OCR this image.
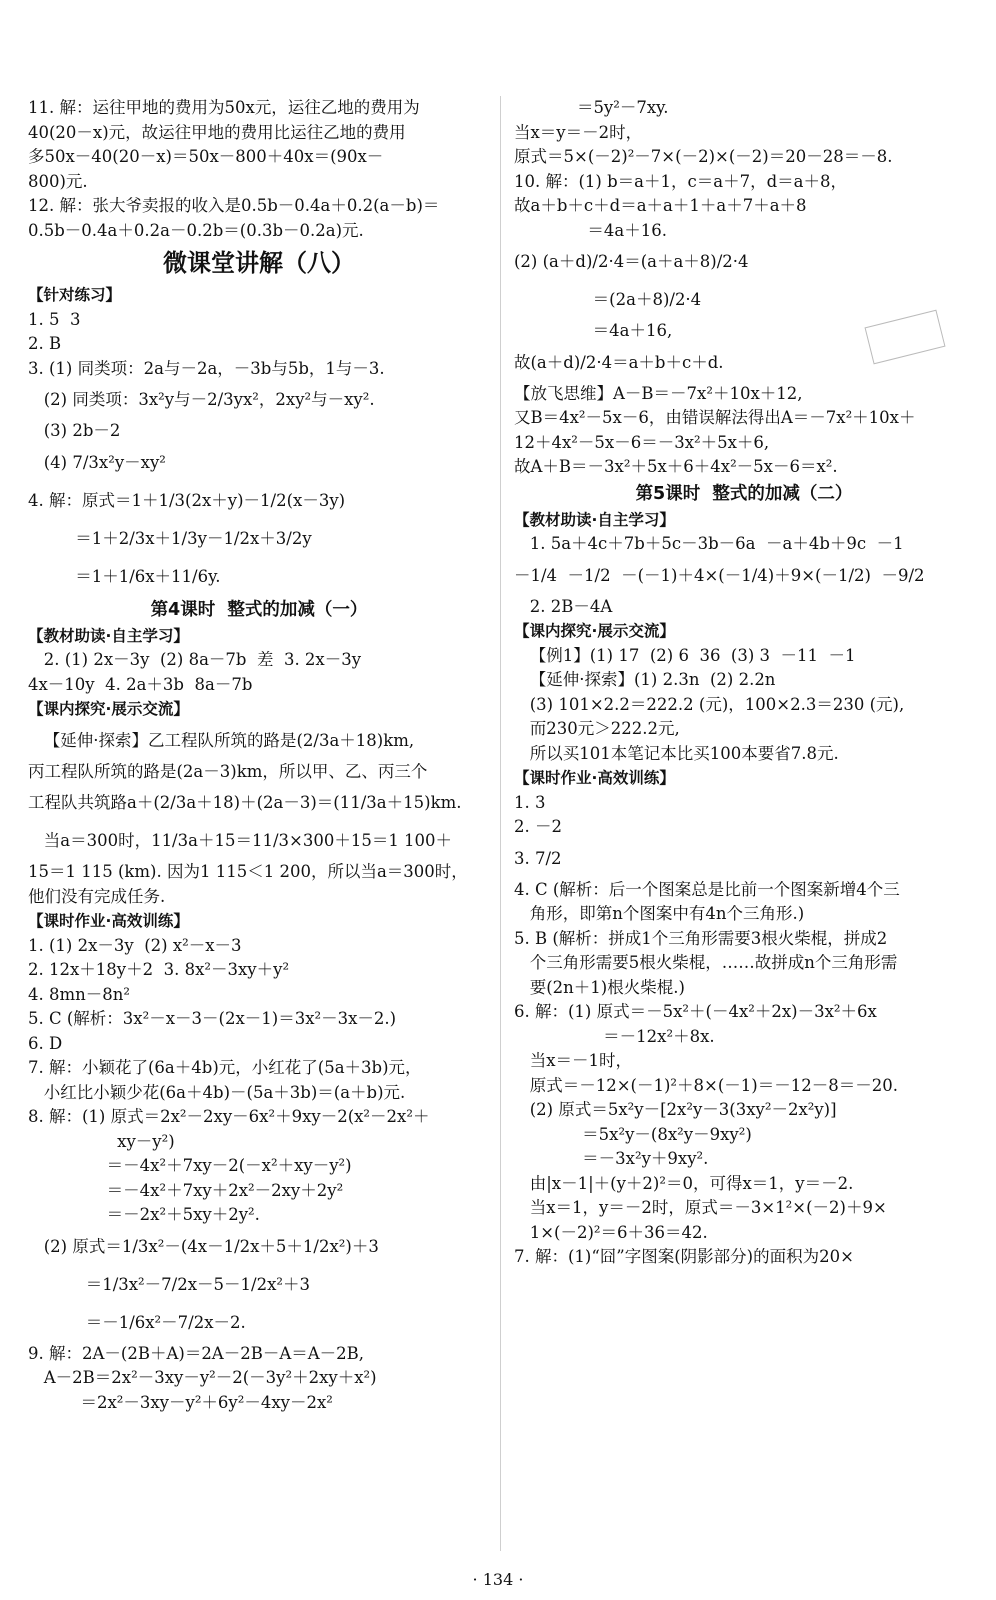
11. 解：运往甲地的费用为50x元，运往乙地的费用为
40(20－x)元，故运往甲地的费用比运往乙地的费用
多50x－40(20－x)＝50x－800＋40x＝(90x－
800)元.
12. 解：张大爷卖报的收入是0.5b－0.4a＋0.2(a－b)＝
0.5b－0.4a＋0.2a－0.2b＝(0.3b－0.2a)元.
微课堂讲解（八）
【针对练习】
1. 5  3
2. B
3. (1) 同类项：2a与－2a，－3b与5b，1与－3.
(2) 同类项：3x²y与－2/3yx²，2xy²与－xy².
(3) 2b－2
(4) 7/3x²y－xy²
4. 解：原式＝1＋1/3(2x＋y)－1/2(x－3y)
＝1＋2/3x＋1/3y－1/2x＋3/2y
＝1＋1/6x＋11/6y.
第4课时  整式的加减（一）
【教材助读·自主学习】
2. (1) 2x－3y  (2) 8a－7b  差  3. 2x－3y
4x－10y  4. 2a＋3b  8a－7b
【课内探究·展示交流】
【延伸·探索】乙工程队所筑的路是(2/3a＋18)km,
丙工程队所筑的路是(2a－3)km，所以甲、乙、丙三个
工程队共筑路a＋(2/3a＋18)＋(2a－3)＝(11/3a＋15)km.
当a＝300时，11/3a＋15＝11/3×300＋15＝1 100＋
15＝1 115 (km). 因为1 115＜1 200，所以当a＝300时，
他们没有完成任务.
【课时作业·高效训练】
1. (1) 2x－3y  (2) x²－x－3
2. 12x＋18y＋2  3. 8x²－3xy＋y²
4. 8mn－8n²
5. C (解析：3x²－x－3－(2x－1)＝3x²－3x－2.)
6. D
7. 解：小颖花了(6a＋4b)元，小红花了(5a＋3b)元，
小红比小颖少花(6a＋4b)－(5a＋3b)＝(a＋b)元.
8. 解：(1) 原式＝2x²－2xy－6x²＋9xy－2(x²－2x²＋
xy－y²)
＝－4x²＋7xy－2(－x²＋xy－y²)
＝－4x²＋7xy＋2x²－2xy＋2y²
＝－2x²＋5xy＋2y².
(2) 原式＝1/3x²－(4x－1/2x＋5＋1/2x²)＋3
＝1/3x²－7/2x－5－1/2x²＋3
＝－1/6x²－7/2x－2.
9. 解：2A－(2B＋A)＝2A－2B－A＝A－2B,
A－2B＝2x²－3xy－y²－2(－3y²＋2xy＋x²)
＝2x²－3xy－y²＋6y²－4xy－2x²
＝5y²－7xy.
当x＝y＝－2时，
原式＝5×(－2)²－7×(－2)×(－2)＝20－28＝－8.
10. 解：(1) b＝a＋1，c＝a＋7，d＝a＋8，
故a＋b＋c＋d＝a＋a＋1＋a＋7＋a＋8
＝4a＋16.
(2) (a＋d)/2·4＝(a＋a＋8)/2·4
＝(2a＋8)/2·4
＝4a＋16,
故(a＋d)/2·4＝a＋b＋c＋d.
【放飞思维】A－B＝－7x²＋10x＋12,
又B＝4x²－5x－6，由错误解法得出A＝－7x²＋10x＋
12＋4x²－5x－6＝－3x²＋5x＋6,
故A＋B＝－3x²＋5x＋6＋4x²－5x－6＝x².
第5课时  整式的加减（二）
【教材助读·自主学习】
1. 5a＋4c＋7b＋5c－3b－6a  －a＋4b＋9c  －1
－1/4  －1/2  －(－1)＋4×(－1/4)＋9×(－1/2)  －9/2
2. 2B－4A
【课内探究·展示交流】
【例1】(1) 17  (2) 6  36  (3) 3  －11  －1
【延伸·探索】(1) 2.3n  (2) 2.2n
(3) 101×2.2＝222.2 (元)，100×2.3＝230 (元),
而230元＞222.2元,
所以买101本笔记本比买100本要省7.8元.
【课时作业·高效训练】
1. 3
2. －2
3. 7/2
4. C (解析：后一个图案总是比前一个图案新增4个三
角形，即第n个图案中有4n个三角形.)
5. B (解析：拼成1个三角形需要3根火柴棍，拼成2
个三角形需要5根火柴棍，……故拼成n个三角形需
要(2n＋1)根火柴棍.)
6. 解：(1) 原式＝－5x²＋(－4x²＋2x)－3x²＋6x
＝－12x²＋8x.
当x＝－1时，
原式＝－12×(－1)²＋8×(－1)＝－12－8＝－20.
(2) 原式＝5x²y－[2x²y－3(3xy²－2x²y)]
＝5x²y－(8x²y－9xy²)
＝－3x²y＋9xy².
由|x－1|＋(y＋2)²＝0，可得x＝1，y＝－2.
当x＝1，y＝－2时，原式＝－3×1²×(－2)＋9×
1×(－2)²＝6＋36＝42.
7. 解：(1)“囧”字图案(阴影部分)的面积为20×
· 134 ·
